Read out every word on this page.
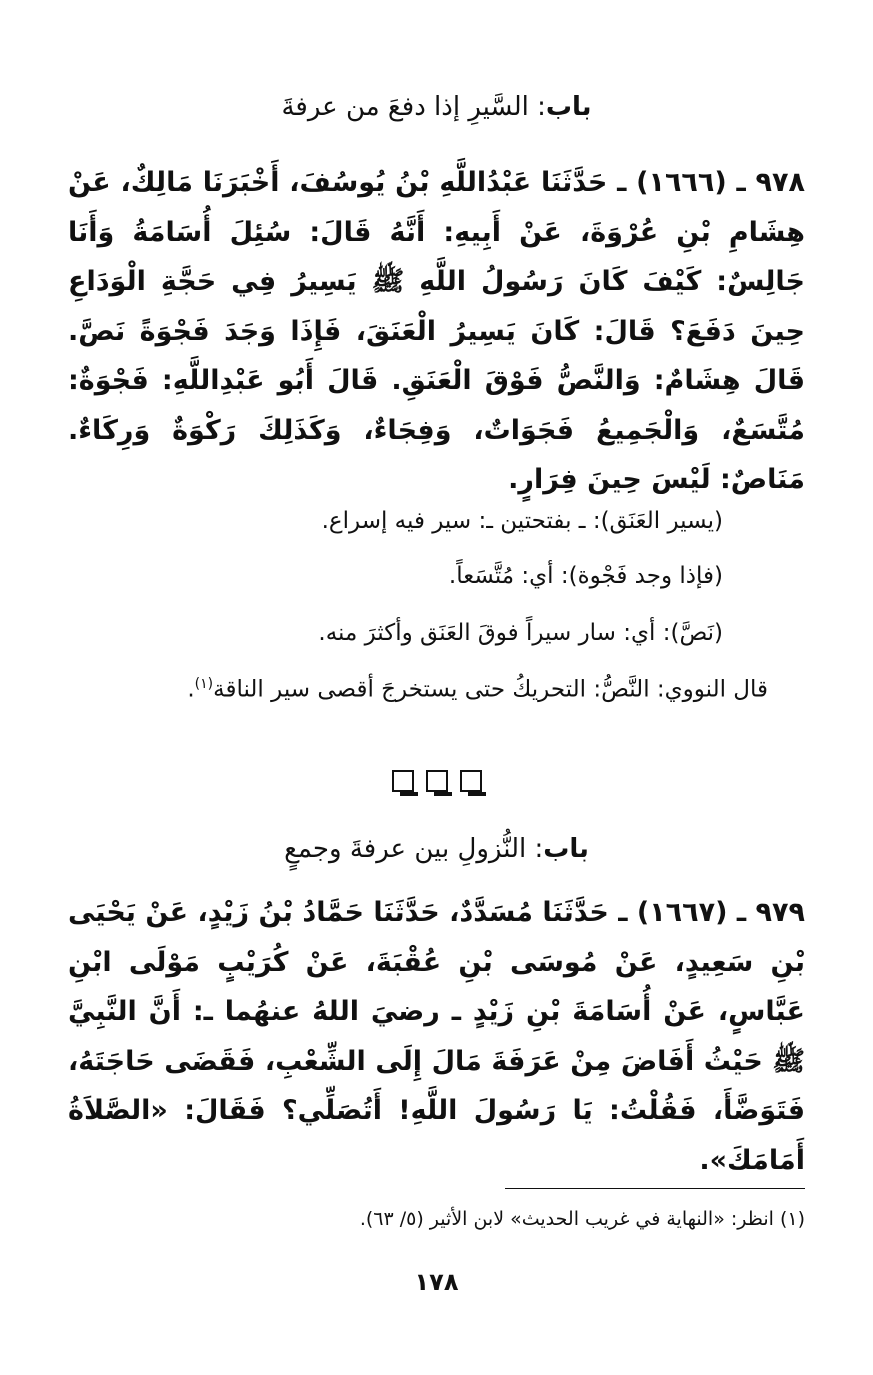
باب: السَّيرِ إذا دفعَ من عرفةَ
٩٧٨ ـ (١٦٦٦) ـ حَدَّثَنَا عَبْدُاللَّهِ بْنُ يُوسُفَ، أَخْبَرَنَا مَالِكٌ، عَنْ هِشَامِ بْنِ عُرْوَةَ، عَنْ أَبِيهِ: أَنَّهُ قَالَ: سُئِلَ أُسَامَةُ وَأَنَا جَالِسٌ: كَيْفَ كَانَ رَسُولُ اللَّهِ ﷺ يَسِيرُ فِي حَجَّةِ الْوَدَاعِ حِينَ دَفَعَ؟ قَالَ: كَانَ يَسِيرُ الْعَنَقَ، فَإِذَا وَجَدَ فَجْوَةً نَصَّ. قَالَ هِشَامٌ: وَالنَّصُّ فَوْقَ الْعَنَقِ. قَالَ أَبُو عَبْدِاللَّهِ: فَجْوَةٌ: مُتَّسَعٌ، وَالْجَمِيعُ فَجَوَاتٌ، وَفِجَاءٌ، وَكَذَلِكَ رَكْوَةٌ وَرِكَاءٌ. مَنَاصٌ: لَيْسَ حِينَ فِرَارٍ.
(يسير العَنَق): ـ بفتحتين ـ: سير فيه إسراع.
(فإذا وجد فَجْوة): أي: مُتَّسَعاً.
(نَصَّ): أي: سار سيراً فوقَ العَنَق وأكثرَ منه.
قال النووي: النَّصُّ: التحريكُ حتى يستخرجَ أقصى سير الناقة$^{(١)}$.
باب: النُّزولِ بين عرفةَ وجمعٍ
٩٧٩ ـ (١٦٦٧) ـ حَدَّثَنَا مُسَدَّدٌ، حَدَّثَنَا حَمَّادُ بْنُ زَيْدٍ، عَنْ يَحْيَى بْنِ سَعِيدٍ، عَنْ مُوسَى بْنِ عُقْبَةَ، عَنْ كُرَيْبٍ مَوْلَى ابْنِ عَبَّاسٍ، عَنْ أُسَامَةَ بْنِ زَيْدٍ ـ رضيَ اللهُ عنهُما ـ: أَنَّ النَّبِيَّ ﷺ حَيْثُ أَفَاضَ مِنْ عَرَفَةَ مَالَ إِلَى الشِّعْبِ، فَقَضَى حَاجَتَهُ، فَتَوَضَّأَ، فَقُلْتُ: يَا رَسُولَ اللَّهِ! أَتُصَلِّي؟ فَقَالَ: «الصَّلاَةُ أَمَامَكَ».
(١) انظر: «النهاية في غريب الحديث» لابن الأثير (٥/ ٦٣).
١٧٨
